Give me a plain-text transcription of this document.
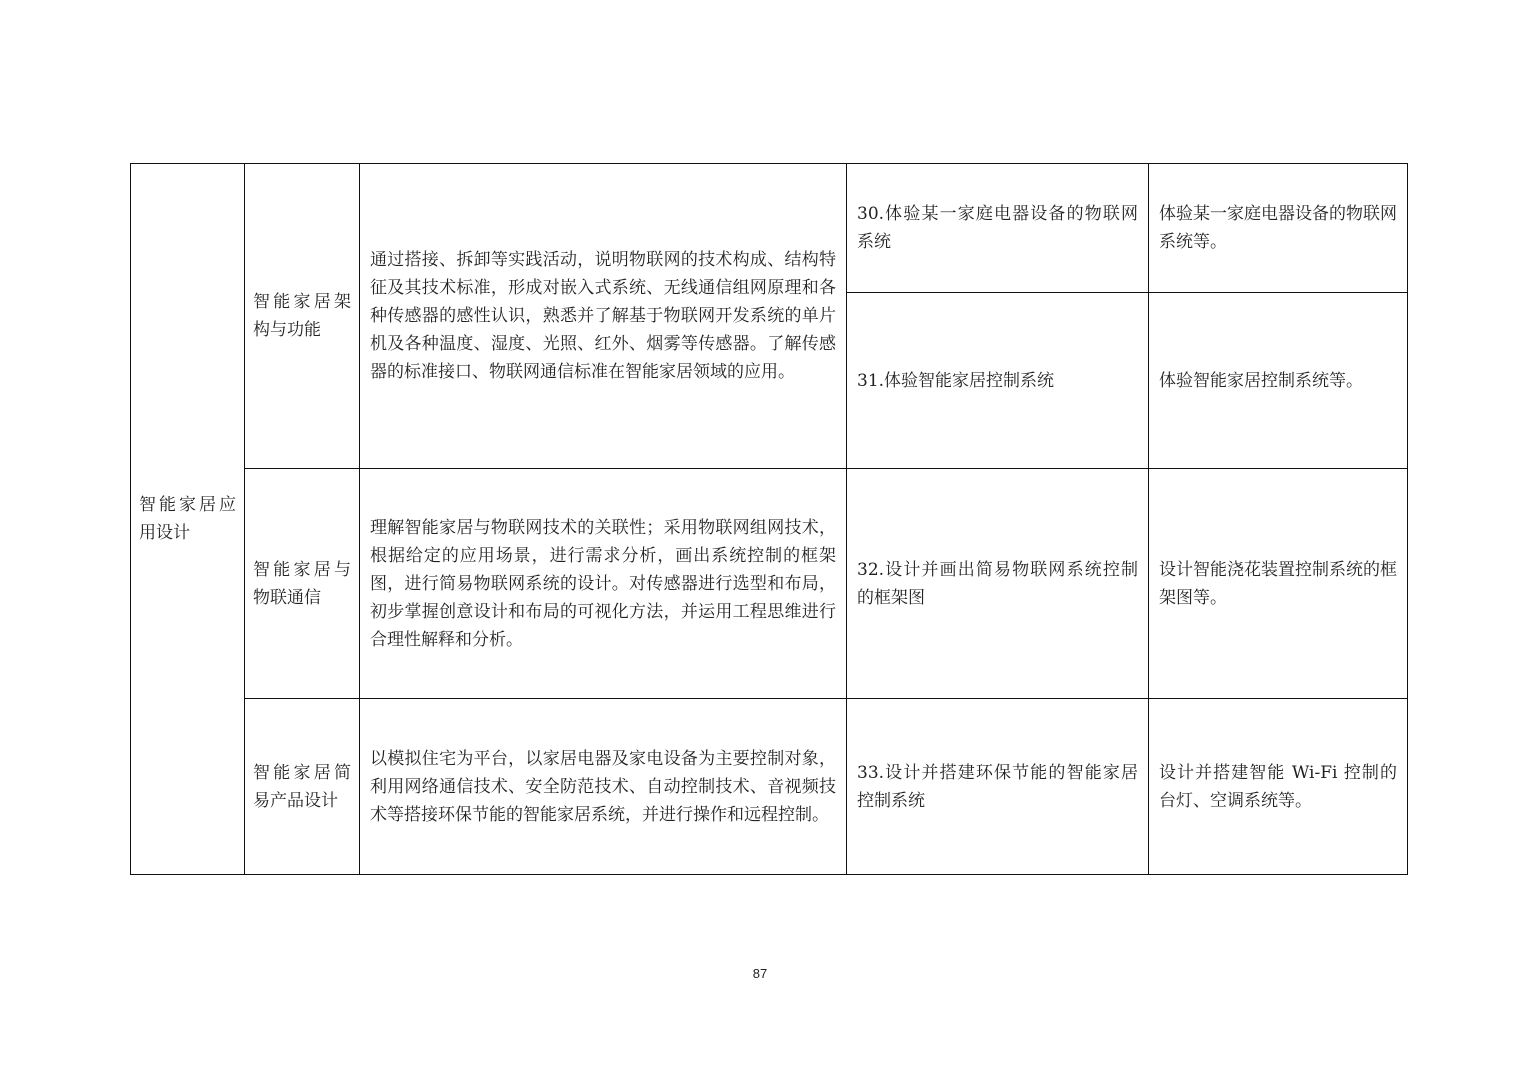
智能家居应用设计	智能家居架构与功能	通过搭接、拆卸等实践活动，说明物联网的技术构成、结构特征及其技术标准，形成对嵌入式系统、无线通信组网原理和各种传感器的感性认识，熟悉并了解基于物联网开发系统的单片机及各种温度、湿度、光照、红外、烟雾等传感器。了解传感器的标准接口、物联网通信标准在智能家居领域的应用。	30.体验某一家庭电器设备的物联网系统	体验某一家庭电器设备的物联网系统等。
			31.体验智能家居控制系统	体验智能家居控制系统等。
	智能家居与物联通信	理解智能家居与物联网技术的关联性；采用物联网组网技术，根据给定的应用场景，进行需求分析，画出系统控制的框架图，进行简易物联网系统的设计。对传感器进行选型和布局，初步掌握创意设计和布局的可视化方法，并运用工程思维进行合理性解释和分析。	32.设计并画出简易物联网系统控制的框架图	设计智能浇花装置控制系统的框架图等。
	智能家居简易产品设计	以模拟住宅为平台，以家居电器及家电设备为主要控制对象，利用网络通信技术、安全防范技术、自动控制技术、音视频技术等搭接环保节能的智能家居系统，并进行操作和远程控制。	33.设计并搭建环保节能的智能家居控制系统	设计并搭建智能 Wi-Fi 控制的台灯、空调系统等。
87
